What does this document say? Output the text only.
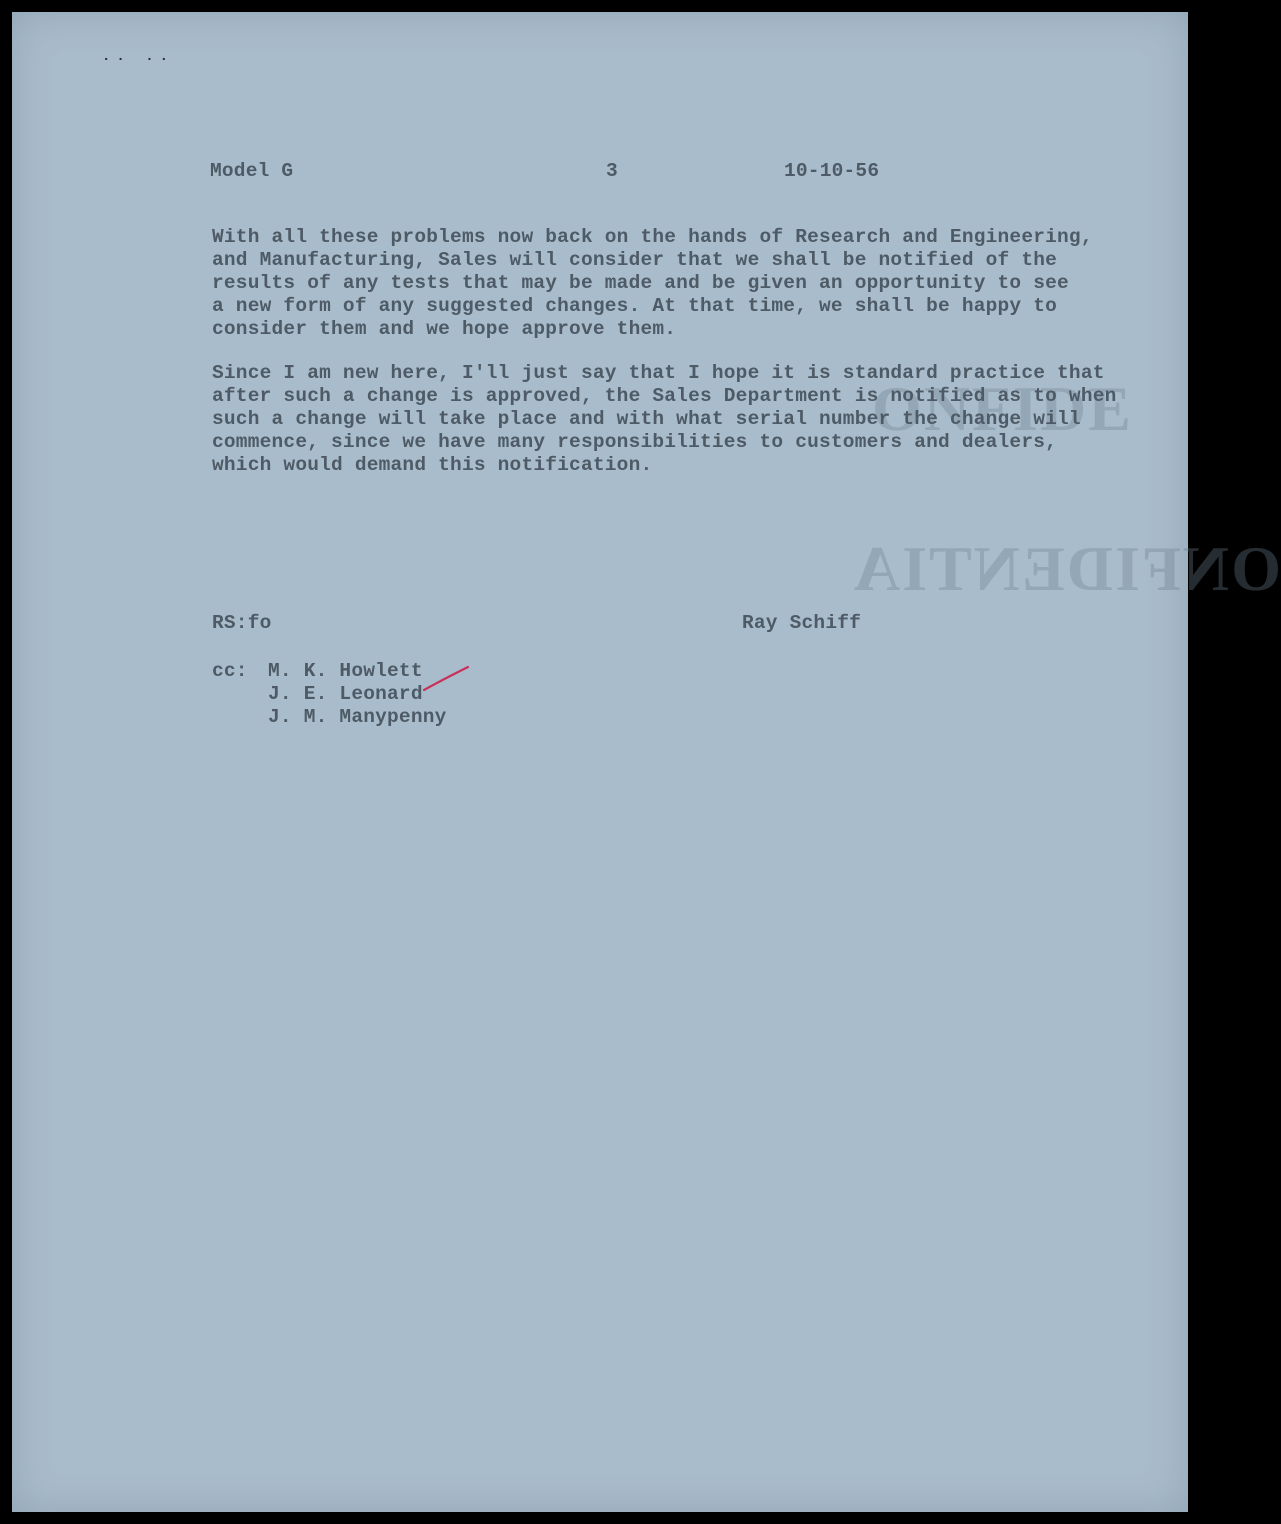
ONFIDE
ONFIDENTIA
·· ··
Model G	3	10-10-56

With all these problems now back on the hands of Research and Engineering,

and Manufacturing, Sales will consider that we shall be notified of the

results of any tests that may be made and be given an opportunity to see

a new form of any suggested changes. At that time, we shall be happy to

consider them and we hope approve them.

Since I am new here, I'll just say that I hope it is standard practice that

after such a change is approved, the Sales Department is notified as to when

such a change will take place and with what serial number the change will

commence, since we have many responsibilities to customers and dealers,

which would demand this notification.

RS:fo	Ray Schiff
cc: M. K. Howlett
J. E. Leonard
J. M. Manypenny
